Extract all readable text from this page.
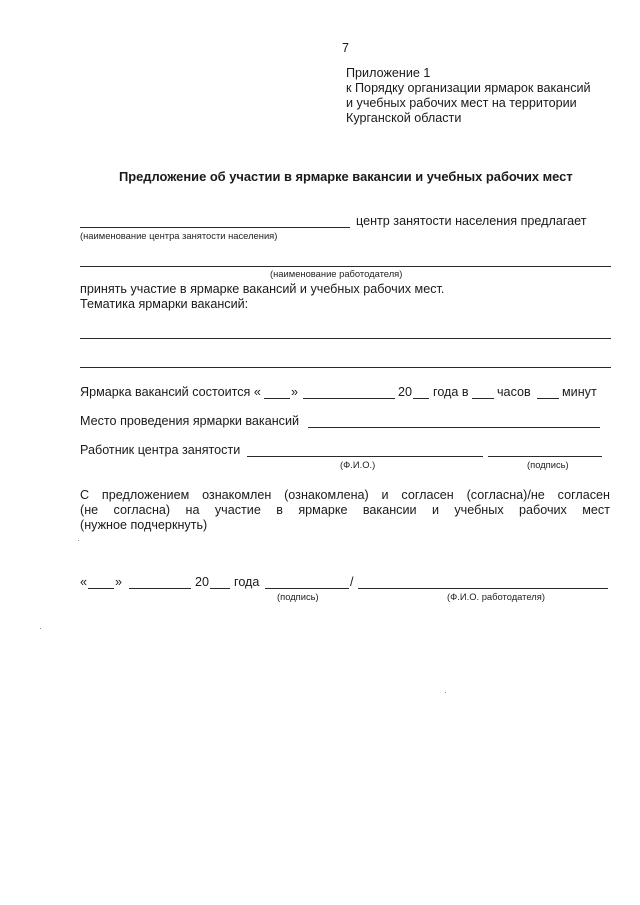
7
Приложение 1
к Порядку организации ярмарок вакансий
и учебных рабочих мест на территории
Курганской области
Предложение об участии в ярмарке вакансии и учебных рабочих мест
центр занятости населения предлагает
(наименование центра занятости населения)
(наименование работодателя)
принять участие в ярмарке вакансий и учебных рабочих мест.
Тематика ярмарки вакансий:
Ярмарка вакансий состоится « »	20 года в часов минут
Место проведения ярмарки вакансий
Работник центра занятости
(Ф.И.О.)	(подпись)
С предложением ознакомлен (ознакомлена) и согласен (согласна)/не согласен
(не согласна) на участие в ярмарке вакансии и учебных рабочих мест
(нужное подчеркнуть)
« »	20 года	/
(подпись)	(Ф.И.О. работодателя)
